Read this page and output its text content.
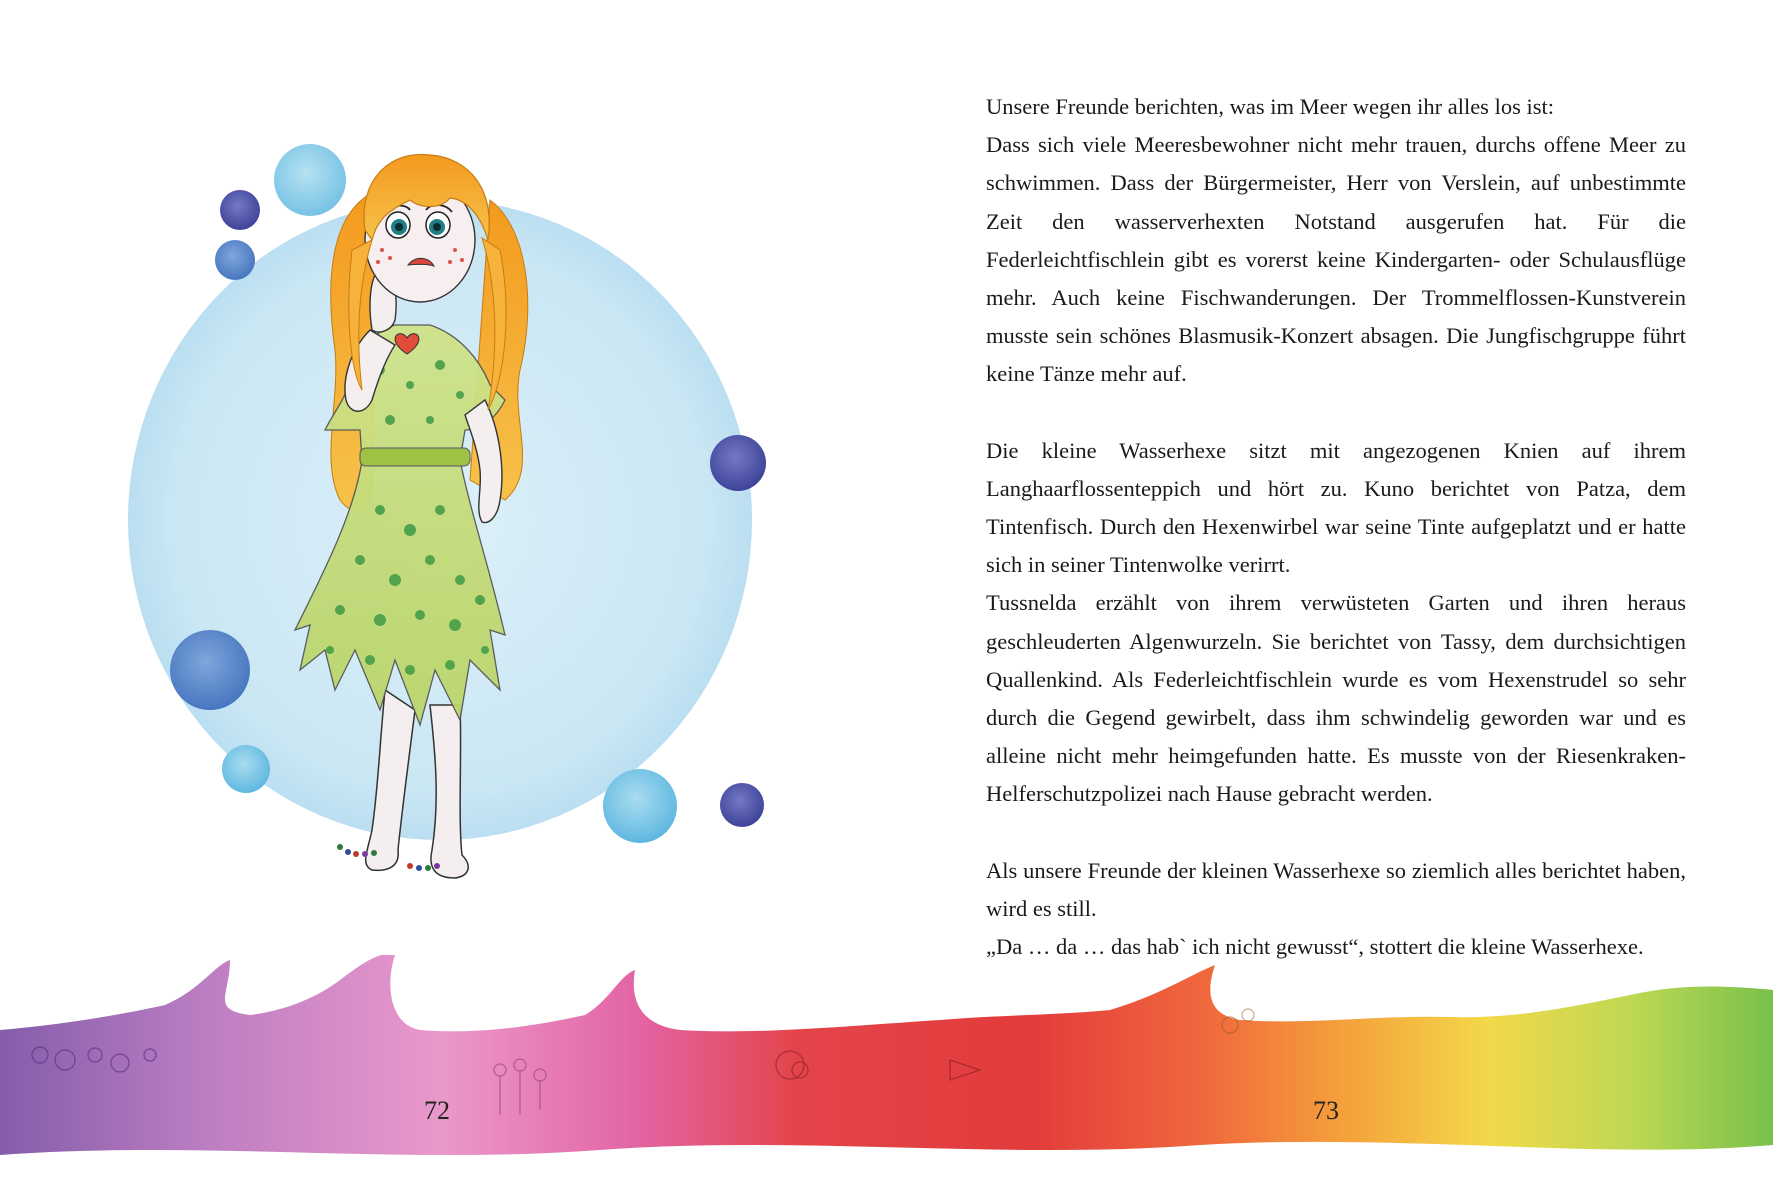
Unsere Freunde berichten, was im Meer wegen ihr alles los ist:

Dass sich viele Meeresbewohner nicht mehr trauen, durchs offene Meer zu schwimmen. Dass der Bürgermeister, Herr von Verslein, auf unbestimmte Zeit den wasserverhexten Notstand ausgerufen hat. Für die Federleichtfischlein gibt es vorerst keine Kindergarten- oder Schulausflüge mehr. Auch keine Fischwanderungen. Der Trommelflossen-Kunstverein musste sein schönes Blasmusik-Konzert absagen. Die Jungfischgruppe führt keine Tänze mehr auf.

Die kleine Wasserhexe sitzt mit angezogenen Knien auf ihrem Langhaarflossenteppich und hört zu. Kuno berichtet von Patza, dem Tintenfisch. Durch den Hexenwirbel war seine Tinte aufgeplatzt und er hatte sich in seiner Tintenwolke verirrt.

Tussnelda erzählt von ihrem verwüsteten Garten und ihren heraus geschleuderten Algenwurzeln. Sie berichtet von Tassy, dem durchsichtigen Quallenkind. Als Federleichtfischlein wurde es vom Hexenstrudel so sehr durch die Gegend gewirbelt, dass ihm schwindelig geworden war und es alleine nicht mehr heimgefunden hatte. Es musste von der Riesenkraken-Helferschutzpolizei nach Hause gebracht werden.

Als unsere Freunde der kleinen Wasserhexe so ziemlich alles berichtet haben, wird es still.

„Da … da … das hab` ich nicht gewusst“, stottert die kleine Wasserhexe.

72	73
